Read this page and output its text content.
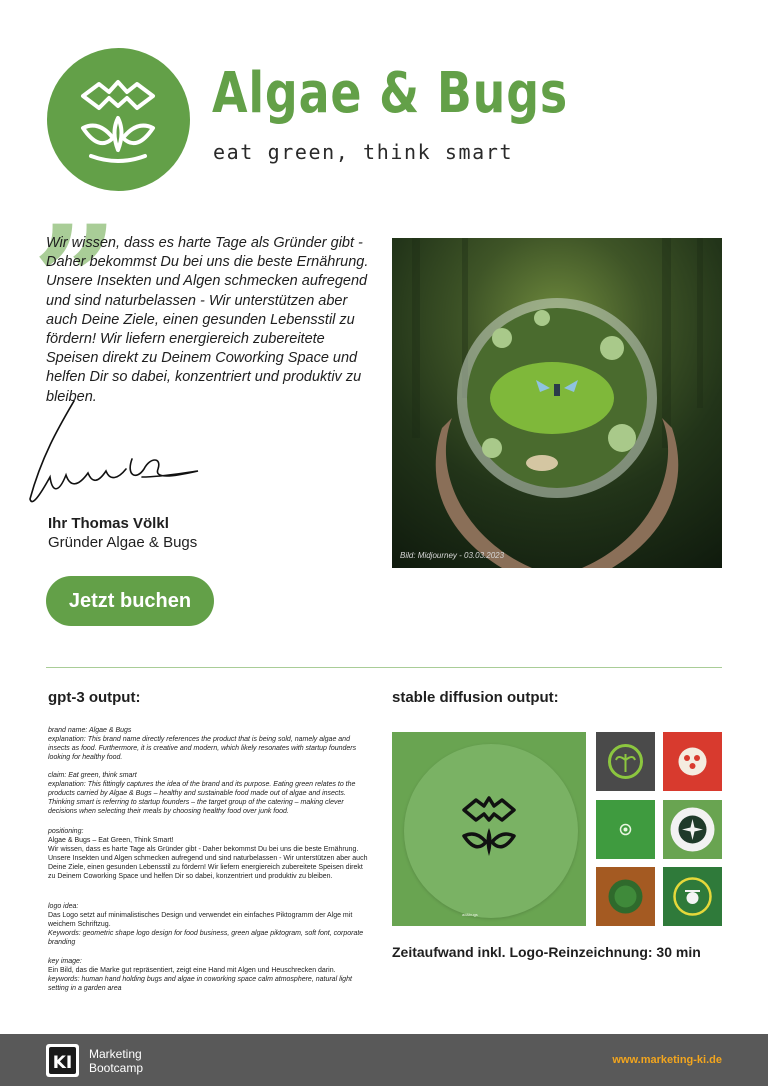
Algae & Bugs
eat green, think smart
”

Wir wissen, dass es harte Tage als Gründer gibt - Daher bekommst Du bei uns die beste Ernährung. Unsere Insekten und Algen schmecken aufregend und sind naturbelassen - Wir unterstützen aber auch Deine Ziele, einen gesunden Lebensstil zu fördern! Wir liefern energiereich zubereitete Speisen direkt zu Deinem Coworking Space und helfen Dir so dabei, konzentriert und produktiv zu bleiben.

Ihr Thomas Völkl
Gründer Algae & Bugs
Jetzt buchen
Bild: Midjourney - 03.03.2023
gpt-3 output:

brand name: Algae & Bugs

explanation: This brand name directly references the product that is being sold, namely algae and insects as food. Furthermore, it is creative and modern, which likely resonates with startup founders looking for healthy food.

claim: Eat green, think smart

explanation: This fittingly captures the idea of the brand and its purpose. Eating green relates to the products carried by Algae & Bugs – healthy and sustainable food made out of algae and insects. Thinking smart is referring to startup founders – the target group of the catering – making clever decisions when selecting their meals by choosing healthy food over junk food.

positioning:

Algae & Bugs – Eat Green, Think Smart!

Wir wissen, dass es harte Tage als Gründer gibt - Daher bekommst Du bei uns die beste Ernährung. Unsere Insekten und Algen schmecken aufregend und sind naturbelassen - Wir unterstützen aber auch Deine Ziele, einen gesunden Lebensstil zu fördern! Wir liefern energiereich zubereitete Speisen direkt zu Deinem Coworking Space und helfen Dir so dabei, konzentriert und produktiv zu bleiben.

logo idea:

Das Logo setzt auf minimalistisches Design und verwendet ein einfaches Piktogramm der Alge mit weichem Schriftzug.

Keywords: geometric shape logo design for food business, green algae piktogram, soft font, corporate branding

key image:

Ein Bild, das die Marke gut repräsentiert, zeigt eine Hand mit Algen und Heuschrecken darin.

keywords: human hand holding bugs and algae in coworking space calm atmosphere, natural light setting in a garden area

stable diffusion output:
ad&bugs
Zeitaufwand inkl. Logo-Reinzeichnung: 30 min
KI Marketing
Bootcamp
www.marketing-ki.de
